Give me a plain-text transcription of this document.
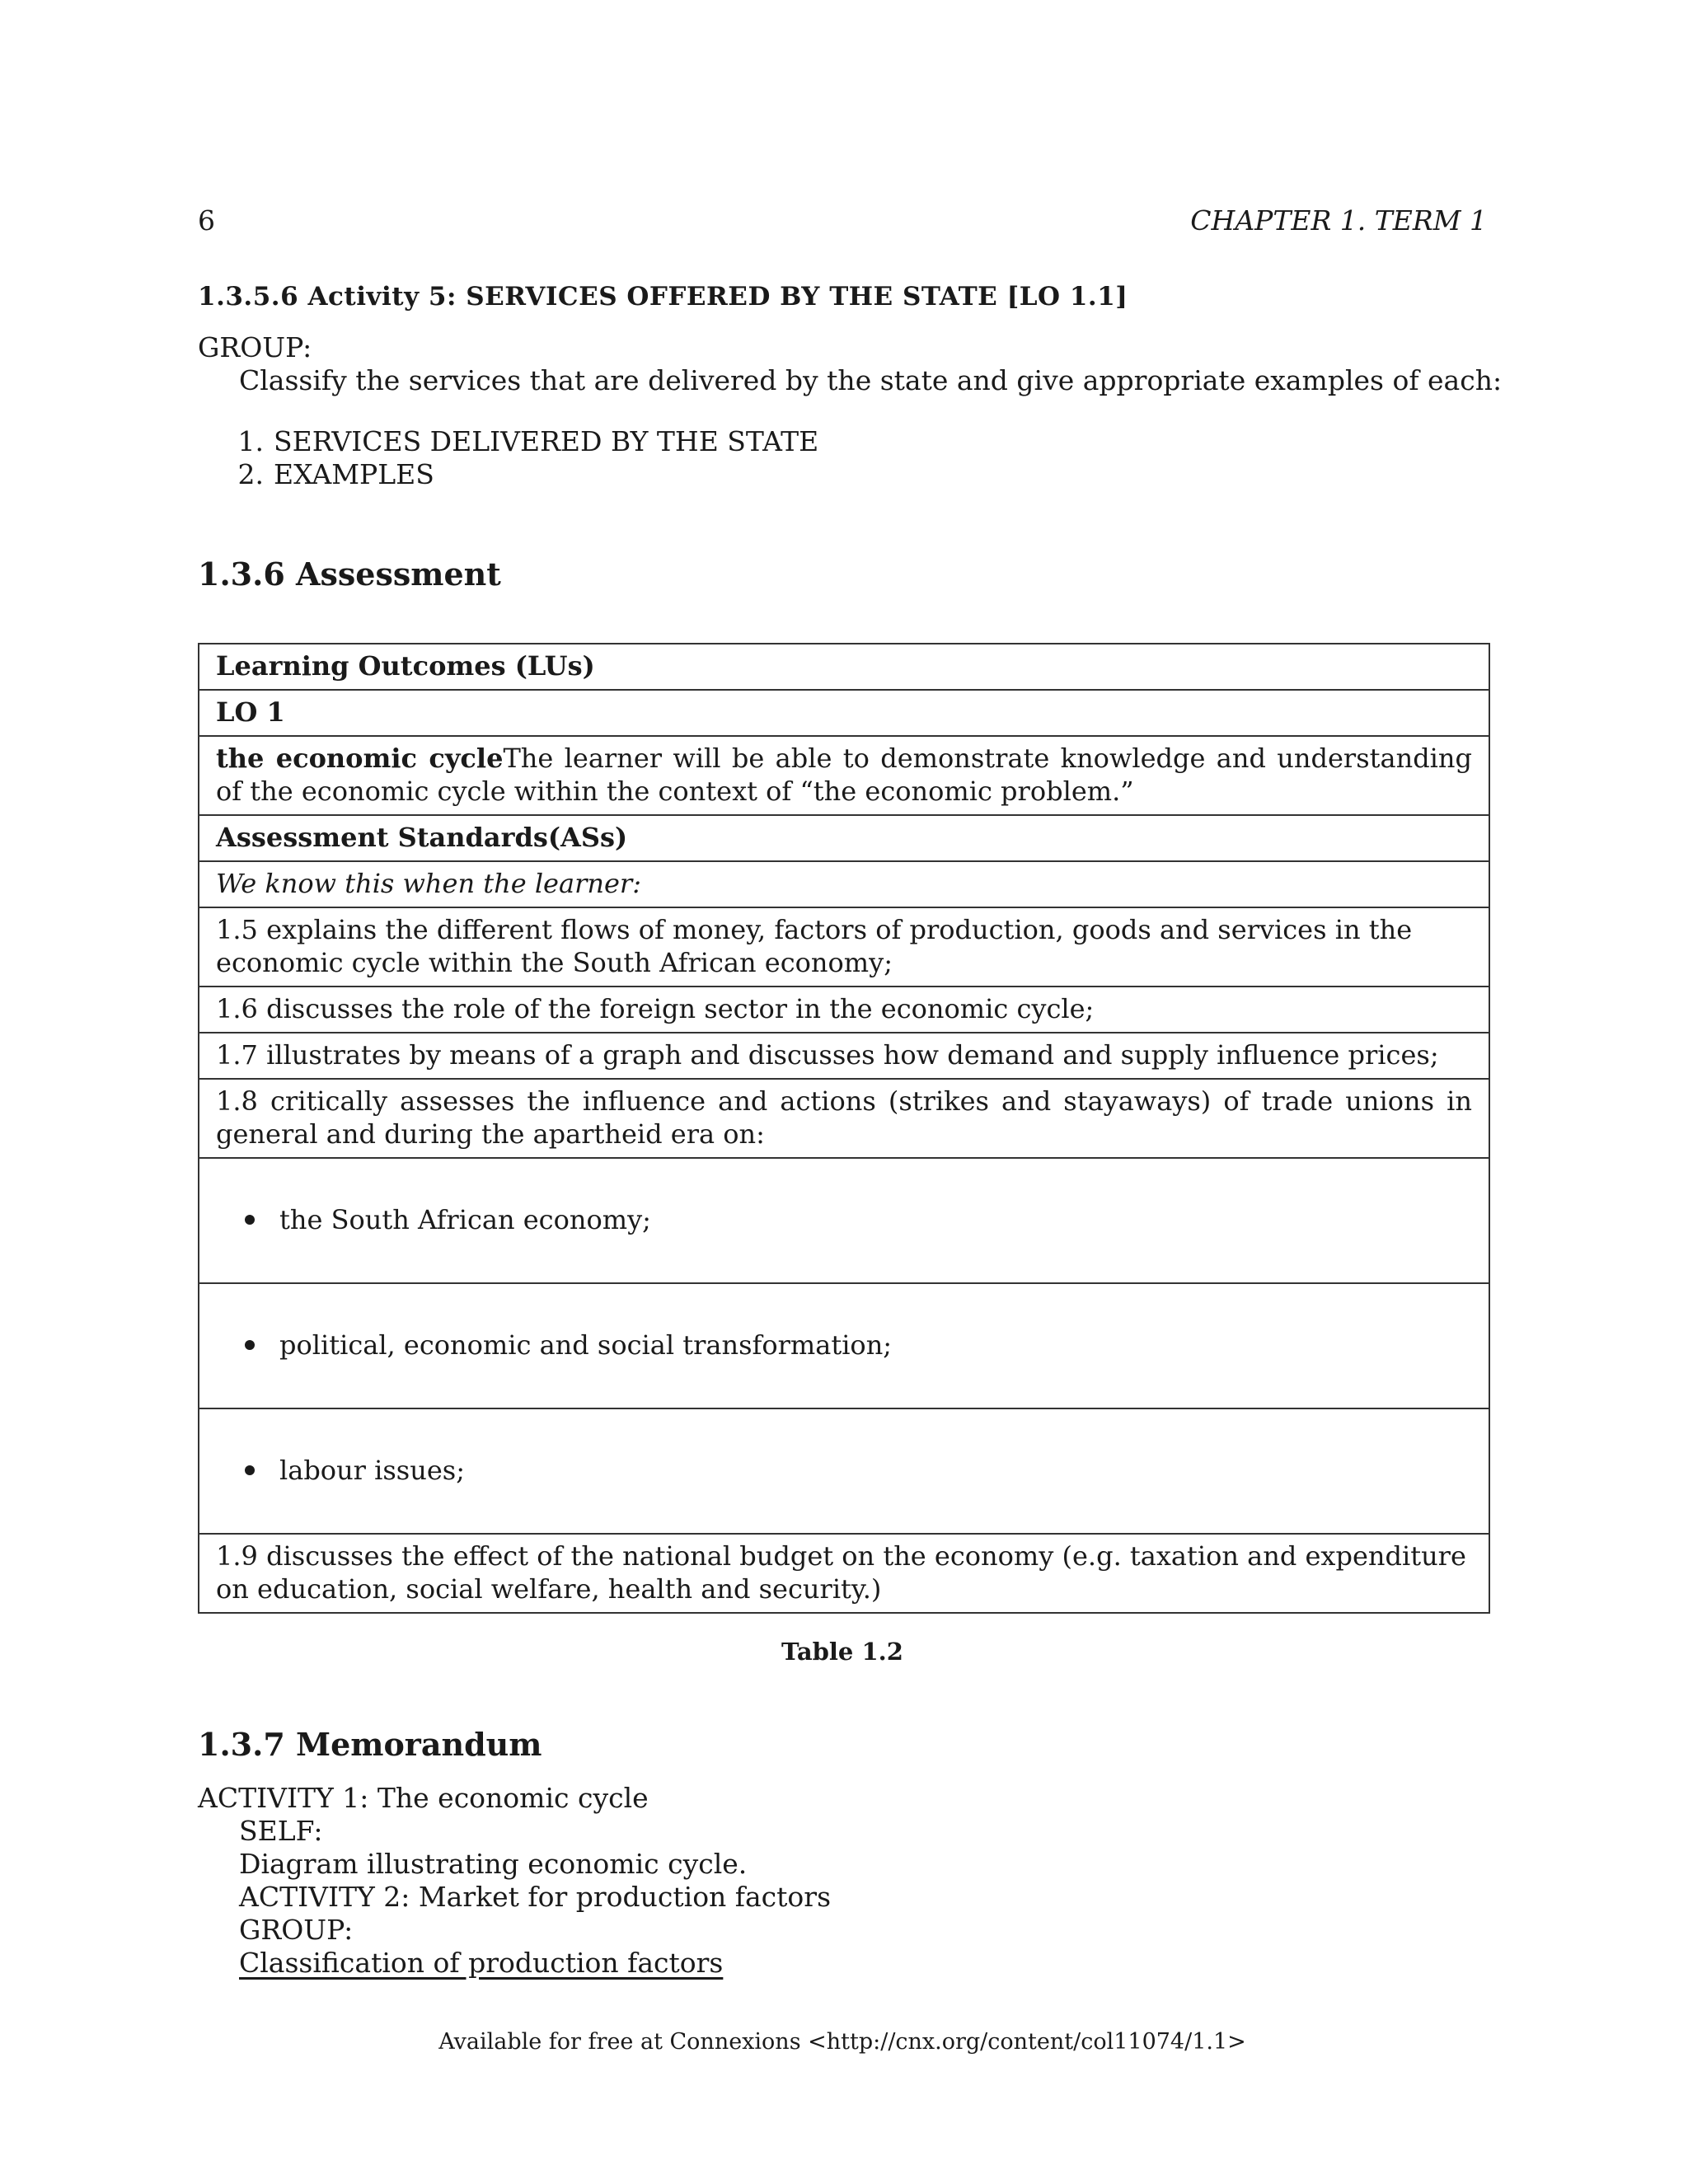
6	CHAPTER 1. TERM 1
1.3.5.6 Activity 5: SERVICES OFFERED BY THE STATE [LO 1.1]
GROUP:
Classify the services that are delivered by the state and give appropriate examples of each:
1. SERVICES DELIVERED BY THE STATE
2. EXAMPLES
1.3.6 Assessment
Learning Outcomes (LUs)
LO 1
the economic cycleThe learner will be able to demonstrate knowledge and understanding of the economic cycle within the context of “the economic problem.”
Assessment Standards(ASs)
We know this when the learner:
1.5 explains the different flows of money, factors of production, goods and services in the economic cycle within the South African economy;
1.6 discusses the role of the foreign sector in the economic cycle;
1.7 illustrates by means of a graph and discusses how demand and supply influence prices;
1.8 critically assesses the influence and actions (strikes and stayaways) of trade unions in general and during the apartheid era on:
the South African economy;
political, economic and social transformation;
labour issues;
1.9 discusses the effect of the national budget on the economy (e.g. taxation and expenditure on education, social welfare, health and security.)
Table 1.2
1.3.7 Memorandum
ACTIVITY 1: The economic cycle
SELF:
Diagram illustrating economic cycle.
ACTIVITY 2: Market for production factors
GROUP:
Classification of production factors
Available for free at Connexions <http://cnx.org/content/col11074/1.1>
